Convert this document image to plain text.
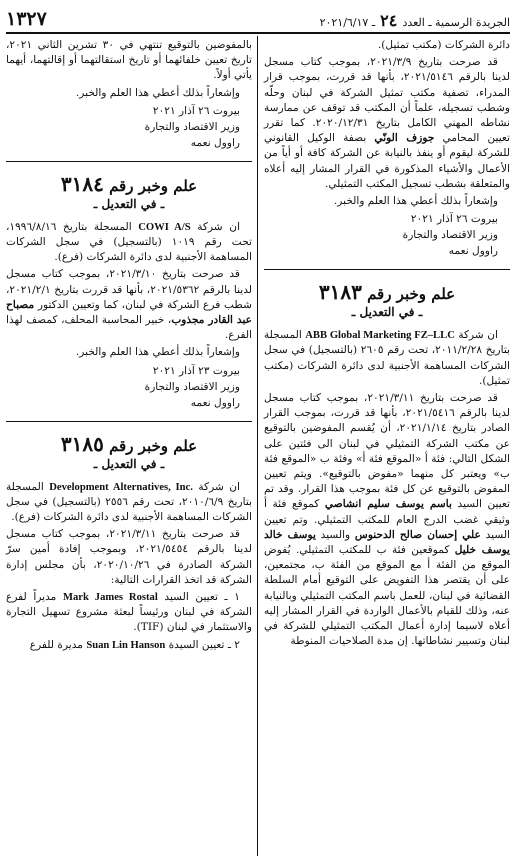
الجريدة الرسمية ـ العدد ٢٤ ـ ٢٠٢١/٦/١٧
١٣٢٧

دائرة الشركات (مكتب تمثيل).

قد صرحت بتاريخ ٢٠٢١/٣/٩، بموجب كتاب مسجل لدينا بالرقم ٢٠٢١/٥١٤٦، بأنها قد قررت، بموجب قرار المدراء، تصفية مكتب تمثيل الشركة في لبنان وحلّه وشطب تسجيله، علماً أن المكتب قد توقف عن ممارسة نشاطه المهني الكامل بتاريخ ٢٠٢٠/١٢/٣١. كما تقرر تعيين المحامي جوزف الونّي بصفة الوكيل القانوني للشركة ليقوم أو ينفذ بالنيابة عن الشركة كافة أو أياً من الأعمال والأشياء المذكورة في القرار المشار إليه أعلاه والمتعلقة بشطب تسجيل المكتب التمثيلي.

وإشعاراً بذلك أعطي هذا العلم والخبر.

بيروت ٢٦ آذار ٢٠٢١
وزير الاقتصاد والتجارة
راوول نعمه
علم وخبر رقم ٣١٨٣
ـ في التعديل ـ

ان شركة ABB Global Marketing FZ–LLC المسجلة بتاريخ ٢٠١١/٢/٢٨، تحت رقم ٢٦٠٥ (بالتسجيل) في سجل الشركات المساهمة الأجنبية لدى دائرة الشركات (مكتب تمثيل).

قد صرحت بتاريخ ٢٠٢١/٣/١١، بموجب كتاب مسجل لدينا بالرقم ٢٠٢١/٥٤١٦، بأنها قد قررت، بموجب القرار الصادر بتاريخ ٢٠٢١/١/١٤، أن يُقسم المفوضين بالتوقيع عن مكتب الشركة التمثيلي في لبنان الى فئتين على الشكل التالي: فئة أ «الموقع فئة أ» وفئة ب «الموقع فئة ب» ويعتبر كل منهما «مفوض بالتوقيع». ويتم تعيين المفوض بالتوقيع عن كل فئة بموجب هذا القرار. وقد تم تعيين السيد باسم يوسف سليم انشاصي كموقع فئة أ وثيقي غضب الدرج العام للمكتب التمثيلي. وتم تعيين السيد علي إحسان صالح الدحنوس والسيد يوسف خالد يوسف خليل كموقعين فئة ب للمكتب التمثيلي. يُفوض الموقع من الفئة أ مع الموقع من الفئة ب، مجتمعين، على أن يقتصر هذا التفويض على التوقيع أمام السلطة القضائية في لبنان، للعمل باسم المكتب التمثيلي وبالنيابة عنه، وذلك للقيام بالأعمال الواردة في القرار المشار إليه أعلاه لاسيما إدارة أعمال المكتب التمثيلي للشركة في لبنان وتسيير نشاطاتها. إن مدة الصلاحيات المنوطة

بالمفوضين بالتوقيع تنتهي في ٣٠ تشرين الثاني ٢٠٢١، تاريخ تعيين خلفائهما أو تاريخ استقالتهما أو إقالتهما، أيهما يأتي أولاً.

وإشعاراً بذلك أعطي هذا العلم والخبر.

بيروت ٢٦ آذار ٢٠٢١
وزير الاقتصاد والتجارة
راوول نعمه
علم وخبر رقم ٣١٨٤
ـ في التعديل ـ

ان شركة COWI A/S المسجلة بتاريخ ١٩٩٦/٨/١٦، تحت رقم ١٠١٩ (بالتسجيل) في سجل الشركات المساهمة الأجنبية لدى دائرة الشركات (فرع).

قد صرحت بتاريخ ٢٠٢١/٣/١٠، بموجب كتاب مسجل لدينا بالرقم ٢٠٢١/٥٣٦٢، بأنها قد قررت بتاريخ ٢٠٢١/٢/١، شطب فرع الشركة في لبنان، كما وتعيين الدكتور مصباح عبد القادر مجذوب، خبير المحاسبة المحلف، كمصف لهذا الفرع.

وإشعاراً بذلك أعطي هذا العلم والخبر.

بيروت ٢٣ آذار ٢٠٢١
وزير الاقتصاد والتجارة
راوول نعمه
علم وخبر رقم ٣١٨٥
ـ في التعديل ـ

ان شركة Development Alternatives, Inc. المسجلة بتاريخ ٢٠١٠/٦/٩، تحت رقم ٢٥٥٦ (بالتسجيل) في سجل الشركات المساهمة الأجنبية لدى دائرة الشركات (فرع).

قد صرحت بتاريخ ٢٠٢١/٣/١١، بموجب كتاب مسجل لدينا بالرقم ٢٠٢١/٥٤٥٤، وبموجب إفادة أمين سرّ الشركة الصادرة في ٢٠٢٠/١٠/٢٦، بأن مجلس إدارة الشركة قد اتخذ القرارات التالية:

١ ـ تعيين السيد Mark James Rostal مديراً لفرع الشركة في لبنان ورئيساً لبعثة مشروع تسهيل التجارة والاستثمار في لبنان (TIF).

٢ ـ تعيين السيدة Suan Lin Hanson مديرة للفرع
